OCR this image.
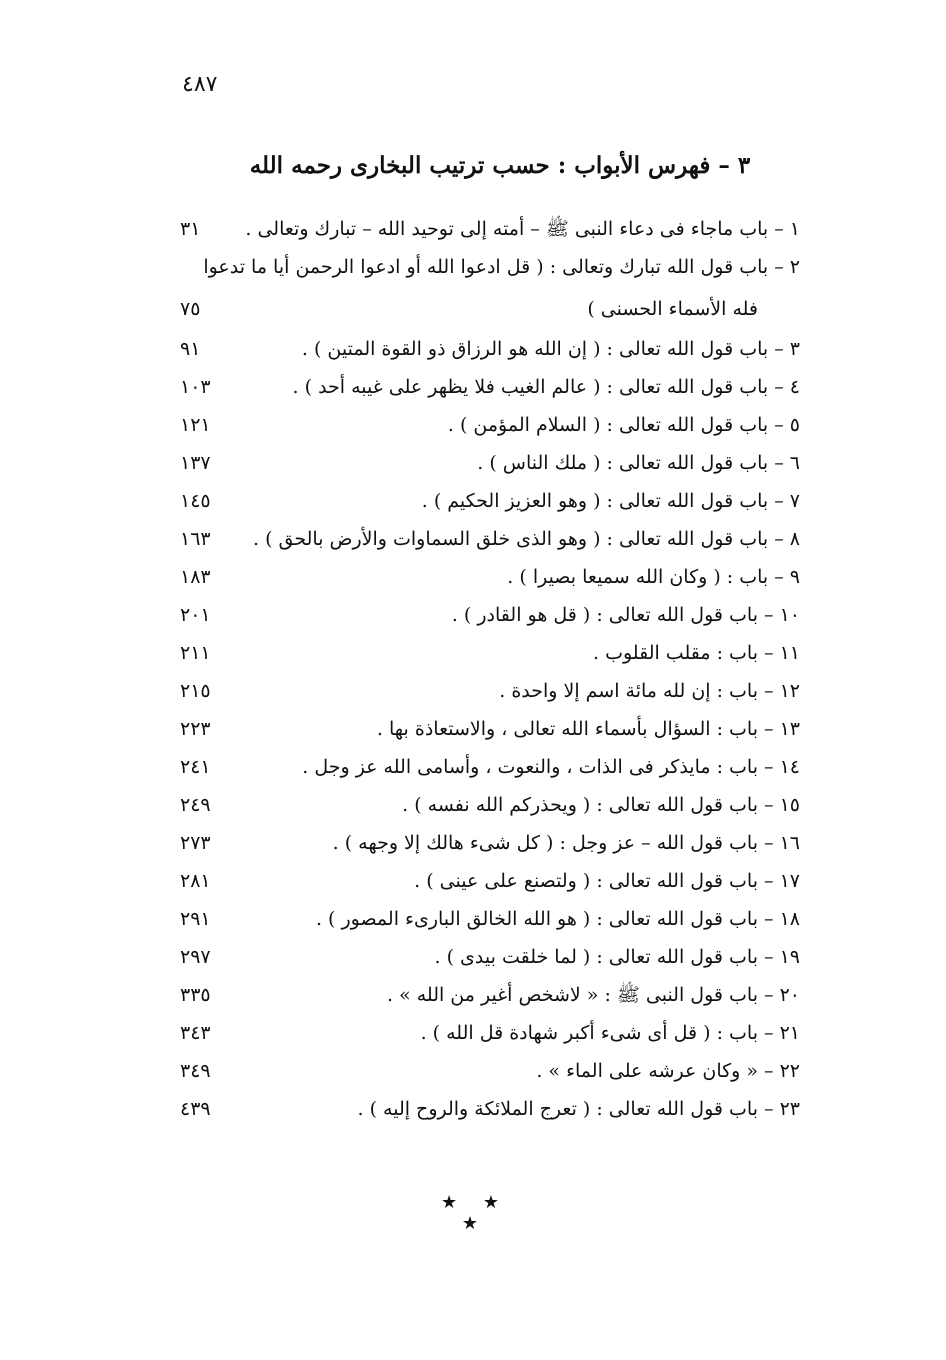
٤٨٧
٣ – فهرس الأبواب : حسب ترتيب البخارى رحمه الله
١ – باب ماجاء فى دعاء النبى ﷺ – أمته إلى توحيد الله – تبارك وتعالى .
٣١
٢ – باب قول الله تبارك وتعالى : ( قل ادعوا الله أو ادعوا الرحمن أيا ما تدعوا
فله الأسماء الحسنى )
٧٥
٣ – باب قول الله تعالى : ( إن الله هو الرزاق ذو القوة المتين ) .
٩١
٤ – باب قول الله تعالى : ( عالم الغيب فلا يظهر على غيبه أحد ) .
١٠٣
٥ – باب قول الله تعالى : ( السلام المؤمن ) .
١٢١
٦ – باب قول الله تعالى : ( ملك الناس ) .
١٣٧
٧ – باب قول الله تعالى : ( وهو العزيز الحكيم ) .
١٤٥
٨ – باب قول الله تعالى : ( وهو الذى خلق السماوات والأرض بالحق ) .
١٦٣
٩ – باب : ( وكان الله سميعا بصيرا ) .
١٨٣
١٠ – باب قول الله تعالى : ( قل هو القادر ) .
٢٠١
١١ – باب : مقلب القلوب .
٢١١
١٢ – باب : إن لله مائة اسم إلا واحدة .
٢١٥
١٣ – باب : السؤال بأسماء الله تعالى ، والاستعاذة بها .
٢٢٣
١٤ – باب : مايذكر فى الذات ، والنعوت ، وأسامى الله عز وجل .
٢٤١
١٥ – باب قول الله تعالى : ( ويحذركم الله نفسه ) .
٢٤٩
١٦ – باب قول الله – عز وجل : ( كل شىء هالك إلا وجهه ) .
٢٧٣
١٧ – باب قول الله تعالى : ( ولتصنع على عينى ) .
٢٨١
١٨ – باب قول الله تعالى : ( هو الله الخالق البارىء المصور ) .
٢٩١
١٩ – باب قول الله تعالى : ( لما خلقت بيدى ) .
٢٩٧
٢٠ – باب قول النبى ﷺ : « لاشخص أغير من الله » .
٣٣٥
٢١ – باب : ( قل أى شىء أكبر شهادة قل الله ) .
٣٤٣
٢٢ – « وكان عرشه على الماء » .
٣٤٩
٢٣ – باب قول الله تعالى : ( تعرج الملائكة والروح إليه ) .
٤٣٩
★ ★ ★
